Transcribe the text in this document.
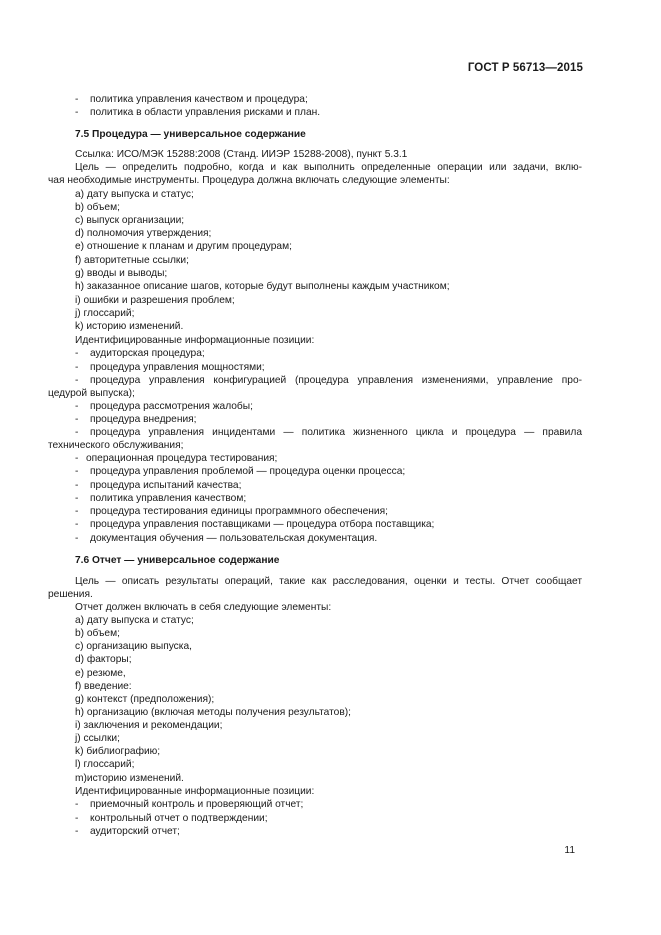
ГОСТ Р 56713—2015
- политика управления качеством и процедура;
- политика в области управления рисками и план.
7.5 Процедура — универсальное содержание
Ссылка: ИСО/МЭК 15288:2008 (Станд. ИИЭР 15288-2008), пункт 5.3.1
Цель — определить подробно, когда и как выполнить определенные операции или задачи, вклю-
чая необходимые инструменты. Процедура должна включать следующие элементы:
a) дату выпуска и статус;
b) объем;
c) выпуск организации;
d) полномочия утверждения;
e) отношение к планам и другим процедурам;
f) авторитетные ссылки;
g) вводы и выводы;
h) заказанное описание шагов, которые будут выполнены каждым участником;
i) ошибки и разрешения проблем;
j) глоссарий;
k) историю изменений.
Идентифицированные информационные позиции:
- аудиторская процедура;
- процедура управления мощностями;
- процедура управления конфигурацией (процедура управления изменениями, управление про-
цедурой выпуска);
- процедура рассмотрения жалобы;
- процедура внедрения;
- процедура управления инцидентами — политика жизненного цикла и процедура — правила
технического обслуживания;
- операционная процедура тестирования;
- процедура управления проблемой — процедура оценки процесса;
- процедура испытаний качества;
- политика управления качеством;
- процедура тестирования единицы программного обеспечения;
- процедура управления поставщиками — процедура отбора поставщика;
- документация обучения — пользовательская документация.
7.6 Отчет — универсальное содержание
Цель — описать результаты операций, такие как расследования, оценки и тесты. Отчет сообщает
решения.
Отчет должен включать в себя следующие элементы:
a) дату выпуска и статус;
b) объем;
c) организацию выпуска,
d) факторы;
e) резюме,
f) введение:
g) контекст (предположения);
h) организацию (включая методы получения результатов);
i) заключения и рекомендации;
j) ссылки;
k) библиографию;
l) глоссарий;
m)историю изменений.
Идентифицированные информационные позиции:
- приемочный контроль и проверяющий отчет;
- контрольный отчет о подтверждении;
- аудиторский отчет;
11
